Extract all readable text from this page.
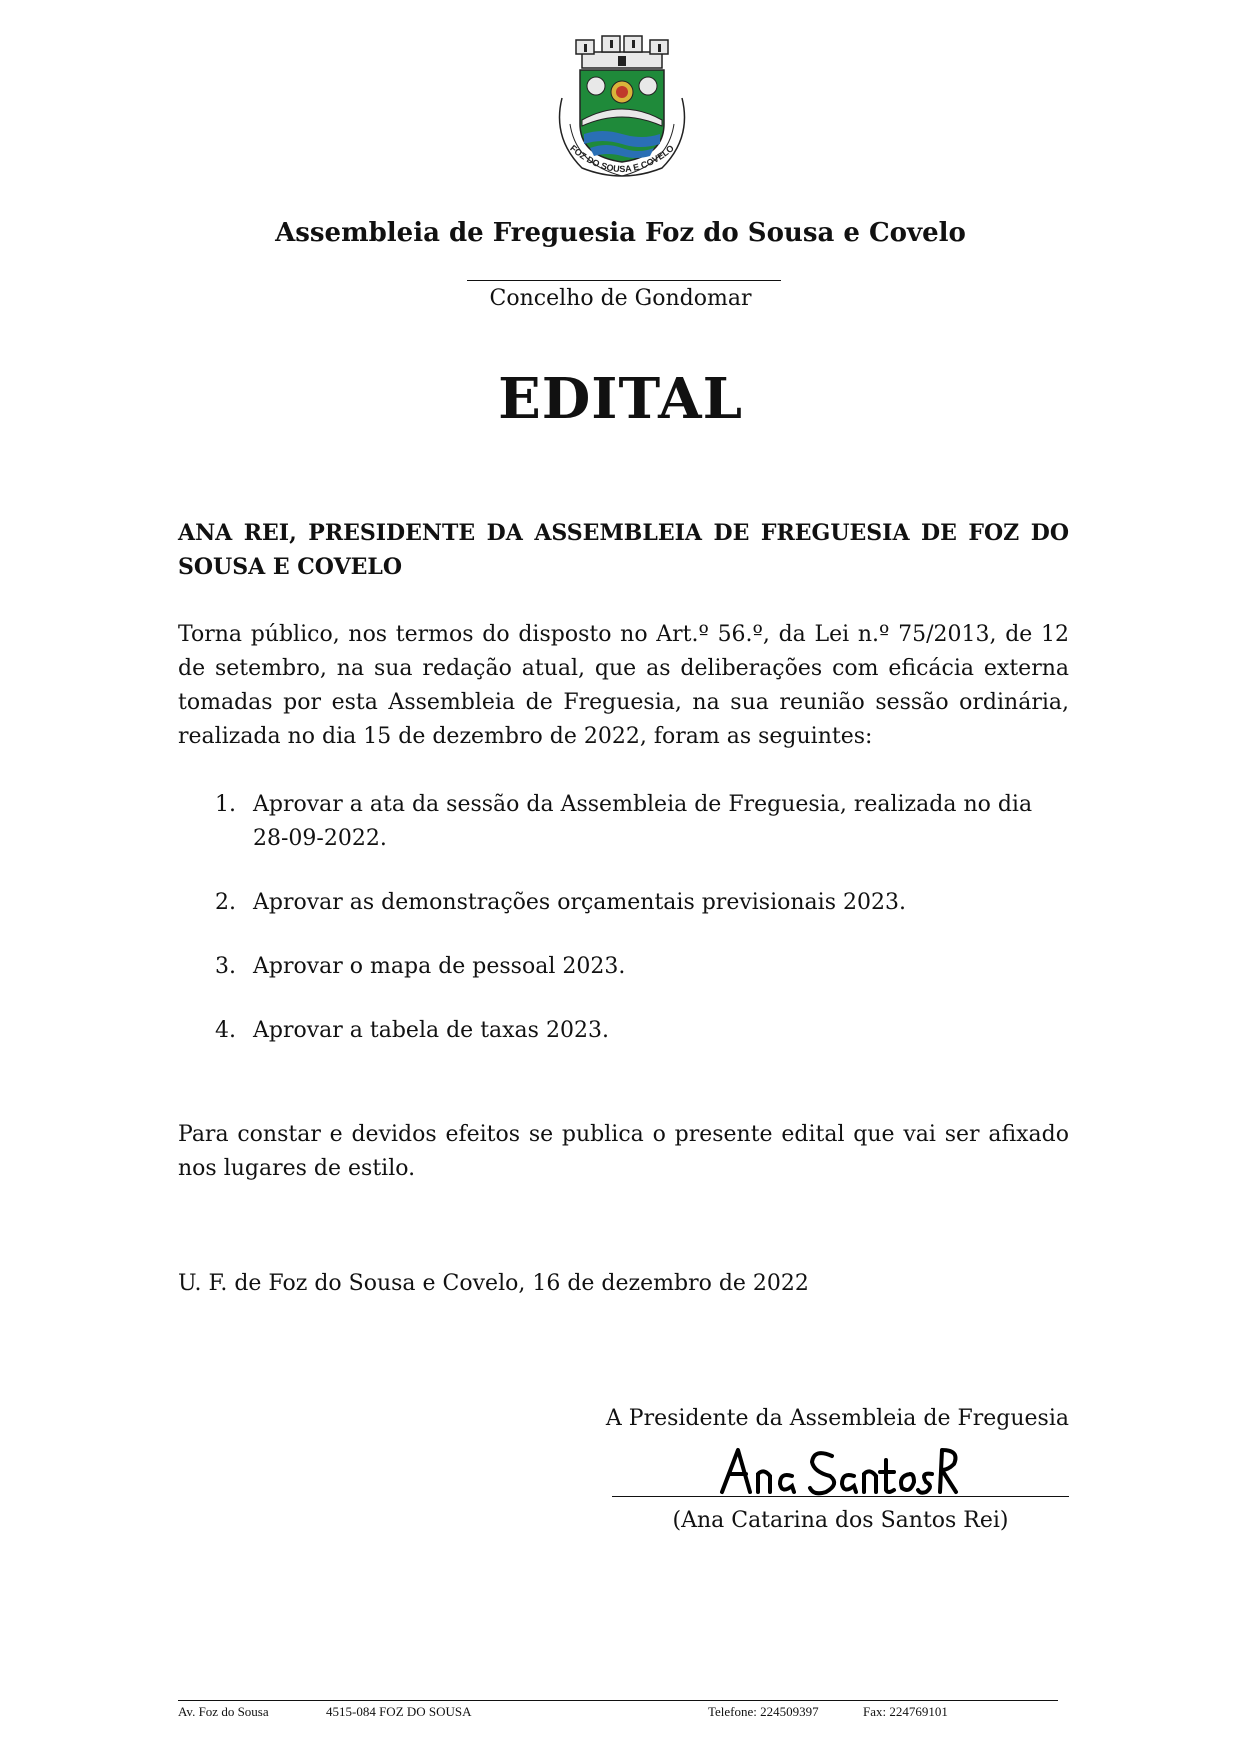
FOZ DO SOUSA E COVELO
Assembleia de Freguesia Foz do Sousa e Covelo
Concelho de Gondomar
EDITAL
ANA REI, PRESIDENTE DA ASSEMBLEIA DE FREGUESIA DE FOZ DO SOUSA E COVELO
Torna público, nos termos do disposto no Art.º 56.º, da Lei n.º 75/2013, de 12 de setembro, na sua redação atual, que as deliberações com eficácia externa tomadas por esta Assembleia de Freguesia, na sua reunião sessão ordinária, realizada no dia 15 de dezembro de 2022, foram as seguintes:
1. Aprovar a ata da sessão da Assembleia de Freguesia, realizada no dia 28-09-2022.
2. Aprovar as demonstrações orçamentais previsionais 2023.
3. Aprovar o mapa de pessoal 2023.
4. Aprovar a tabela de taxas 2023.
Para constar e devidos efeitos se publica o presente edital que vai ser afixado nos lugares de estilo.
U. F. de Foz do Sousa e Covelo, 16 de dezembro de 2022
A Presidente da Assembleia de Freguesia
(Ana Catarina dos Santos Rei)
Av. Foz do Sousa	4515-084 FOZ DO SOUSA	Telefone: 224509397	Fax: 224769101
